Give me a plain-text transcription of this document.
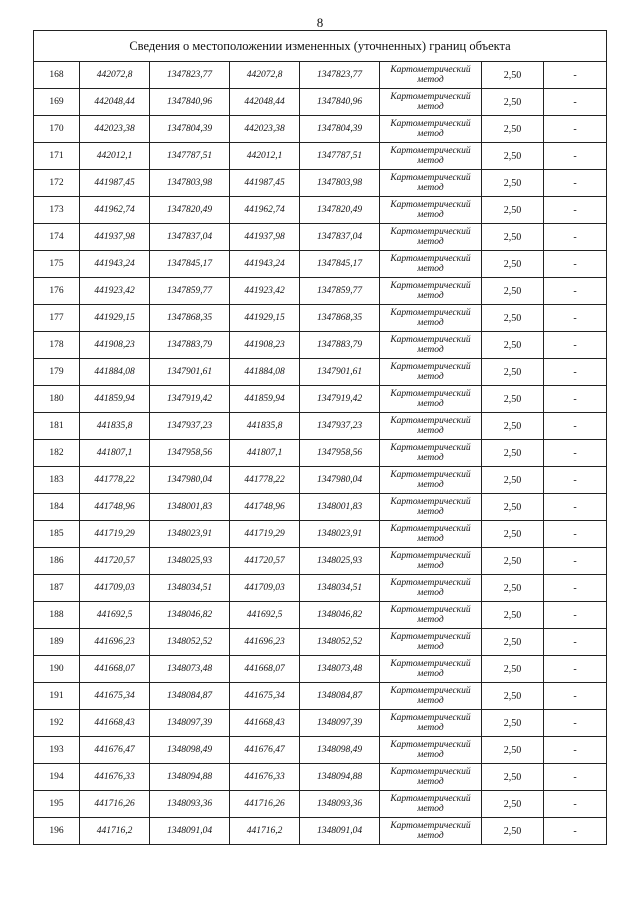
8
Сведения о местоположении измененных (уточненных) границ объекта							
168	442072,8	1347823,77	442072,8	1347823,77	Картометрический метод	2,50	-
169	442048,44	1347840,96	442048,44	1347840,96	Картометрический метод	2,50	-
170	442023,38	1347804,39	442023,38	1347804,39	Картометрический метод	2,50	-
171	442012,1	1347787,51	442012,1	1347787,51	Картометрический метод	2,50	-
172	441987,45	1347803,98	441987,45	1347803,98	Картометрический метод	2,50	-
173	441962,74	1347820,49	441962,74	1347820,49	Картометрический метод	2,50	-
174	441937,98	1347837,04	441937,98	1347837,04	Картометрический метод	2,50	-
175	441943,24	1347845,17	441943,24	1347845,17	Картометрический метод	2,50	-
176	441923,42	1347859,77	441923,42	1347859,77	Картометрический метод	2,50	-
177	441929,15	1347868,35	441929,15	1347868,35	Картометрический метод	2,50	-
178	441908,23	1347883,79	441908,23	1347883,79	Картометрический метод	2,50	-
179	441884,08	1347901,61	441884,08	1347901,61	Картометрический метод	2,50	-
180	441859,94	1347919,42	441859,94	1347919,42	Картометрический метод	2,50	-
181	441835,8	1347937,23	441835,8	1347937,23	Картометрический метод	2,50	-
182	441807,1	1347958,56	441807,1	1347958,56	Картометрический метод	2,50	-
183	441778,22	1347980,04	441778,22	1347980,04	Картометрический метод	2,50	-
184	441748,96	1348001,83	441748,96	1348001,83	Картометрический метод	2,50	-
185	441719,29	1348023,91	441719,29	1348023,91	Картометрический метод	2,50	-
186	441720,57	1348025,93	441720,57	1348025,93	Картометрический метод	2,50	-
187	441709,03	1348034,51	441709,03	1348034,51	Картометрический метод	2,50	-
188	441692,5	1348046,82	441692,5	1348046,82	Картометрический метод	2,50	-
189	441696,23	1348052,52	441696,23	1348052,52	Картометрический метод	2,50	-
190	441668,07	1348073,48	441668,07	1348073,48	Картометрический метод	2,50	-
191	441675,34	1348084,87	441675,34	1348084,87	Картометрический метод	2,50	-
192	441668,43	1348097,39	441668,43	1348097,39	Картометрический метод	2,50	-
193	441676,47	1348098,49	441676,47	1348098,49	Картометрический метод	2,50	-
194	441676,33	1348094,88	441676,33	1348094,88	Картометрический метод	2,50	-
195	441716,26	1348093,36	441716,26	1348093,36	Картометрический метод	2,50	-
196	441716,2	1348091,04	441716,2	1348091,04	Картометрический метод	2,50	-
